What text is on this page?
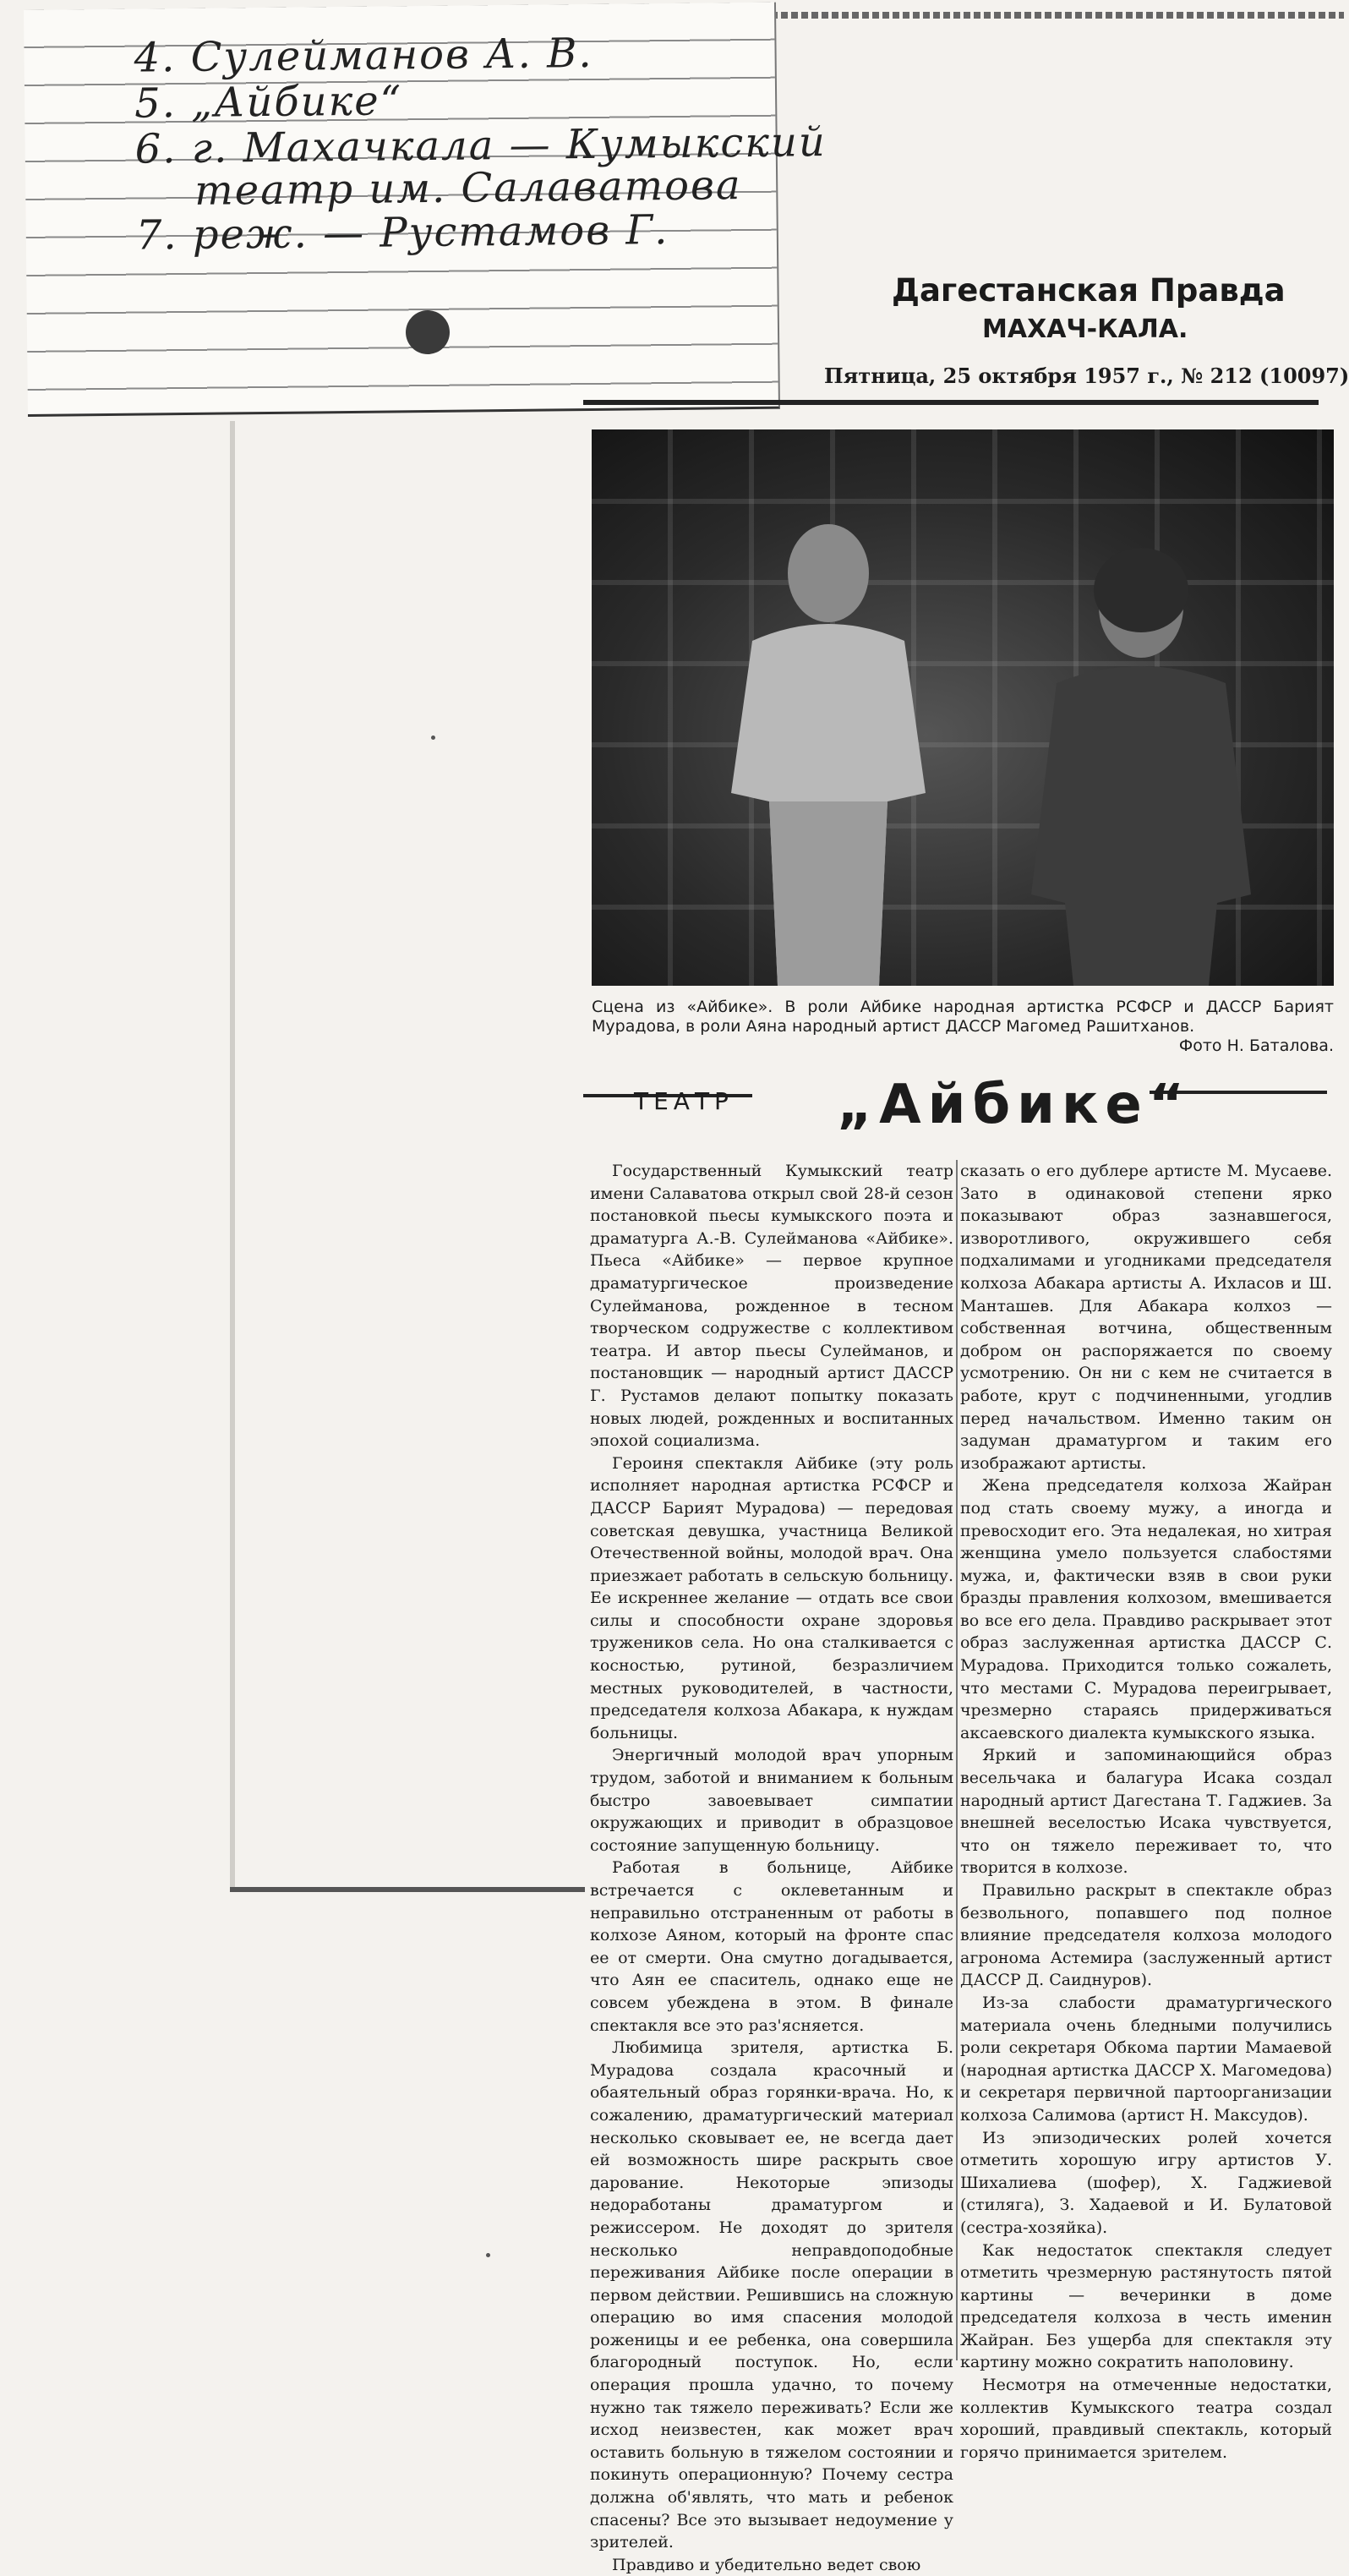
4. Сулейманов А. В.
5. „Айбике“
6. г. Махачкала — Кумыкский
театр им. Салаватова
7. реж. — Рустамов Г.
Дагестанская Правда
МАХАЧ-КАЛА.
Пятница, 25 октября 1957 г., № 212 (10097)
Сцена из «Айбике». В роли Айбике народная артистка РСФСР и ДАССР Барият Мурадова, в роли Аяна народный артист ДАССР Магомед Рашитханов.
Фото Н. Баталова.
ТЕАТР „Айбике“

Государственный Кумыкский театр имени Салаватова открыл свой 28-й сезон постановкой пьесы кумыкского поэта и драматурга А.-В. Сулейманова «Айбике». Пьеса «Айбике» — первое крупное драматургическое произведение Сулейманова, рожденное в тесном творческом содружестве с коллективом театра. И автор пьесы Сулейманов, и постановщик — народный артист ДАССР Г. Рустамов делают попытку показать новых людей, рожденных и воспитанных эпохой социализма.

Героиня спектакля Айбике (эту роль исполняет народная артистка РСФСР и ДАССР Барият Мурадова) — передовая советская девушка, участница Великой Отечественной войны, молодой врач. Она приезжает работать в сельскую больницу. Ее искреннее желание — отдать все свои силы и способности охране здоровья тружеников села. Но она сталкивается с косностью, рутиной, безразличием местных руководителей, в частности, председателя колхоза Абакара, к нуждам больницы.

Энергичный молодой врач упорным трудом, заботой и вниманием к больным быстро завоевывает симпатии окружающих и приводит в образцовое состояние запущенную больницу.

Работая в больнице, Айбике встречается с оклеветанным и неправильно отстраненным от работы в колхозе Аяном, который на фронте спас ее от смерти. Она смутно догадывается, что Аян ее спаситель, однако еще не совсем убеждена в этом. В финале спектакля все это раз'ясняется.

Любимица зрителя, артистка Б. Мурадова создала красочный и обаятельный образ горянки-врача. Но, к сожалению, драматургический материал несколько сковывает ее, не всегда дает ей возможность шире раскрыть свое дарование. Некоторые эпизоды недоработаны драматургом и режиссером. Не доходят до зрителя несколько неправдоподобные переживания Айбике после операции в первом действии. Решившись на сложную операцию во имя спасения молодой роженицы и ее ребенка, она совершила благородный поступок. Но, если операция прошла удачно, то почему нужно так тяжело переживать? Если же исход неизвестен, как может врач оставить больную в тяжелом состоянии и покинуть операционную? Почему сестра должна об'являть, что мать и ребенок спасены? Все это вызывает недоумение у зрителей.

Правдиво и убедительно ведет свою

сказать о его дублере артисте М. Мусаеве. Зато в одинаковой степени ярко показывают образ зазнавшегося, изворотливого, окружившего себя подхалимами и угодниками председателя колхоза Абакара артисты А. Ихласов и Ш. Манташев. Для Абакара колхоз — собственная вотчина, общественным добром он распоряжается по своему усмотрению. Он ни с кем не считается в работе, крут с подчиненными, угодлив перед начальством. Именно таким он задуман драматургом и таким его изображают артисты.

Жена председателя колхоза Жайран под стать своему мужу, а иногда и превосходит его. Эта недалекая, но хитрая женщина умело пользуется слабостями мужа, и, фактически взяв в свои руки бразды правления колхозом, вмешивается во все его дела. Правдиво раскрывает этот образ заслуженная артистка ДАССР С. Мурадова. Приходится только сожалеть, что местами С. Мурадова переигрывает, чрезмерно стараясь придерживаться аксаевского диалекта кумыкского языка.

Яркий и запоминающийся образ весельчака и балагура Исака создал народный артист Дагестана Т. Гаджиев. За внешней веселостью Исака чувствуется, что он тяжело переживает то, что творится в колхозе.

Правильно раскрыт в спектакле образ безвольного, попавшего под полное влияние председателя колхоза молодого агронома Астемира (заслуженный артист ДАССР Д. Саиднуров).

Из-за слабости драматургического материала очень бледными получились роли секретаря Обкома партии Мамаевой (народная артистка ДАССР Х. Магомедова) и секретаря первичной партоорганизации колхоза Салимова (артист Н. Максудов).

Из эпизодических ролей хочется отметить хорошую игру артистов У. Шихалиева (шофер), Х. Гаджиевой (стиляга), З. Хадаевой и И. Булатовой (сестра-хозяйка).

Как недостаток спектакля следует отметить чрезмерную растянутость пятой картины — вечеринки в доме председателя колхоза в честь именин Жайран. Без ущерба для спектакля эту картину можно сократить наполовину.

Несмотря на отмеченные недостатки, коллектив Кумыкского театра создал хороший, правдивый спектакль, который горячо принимается зрителем.
